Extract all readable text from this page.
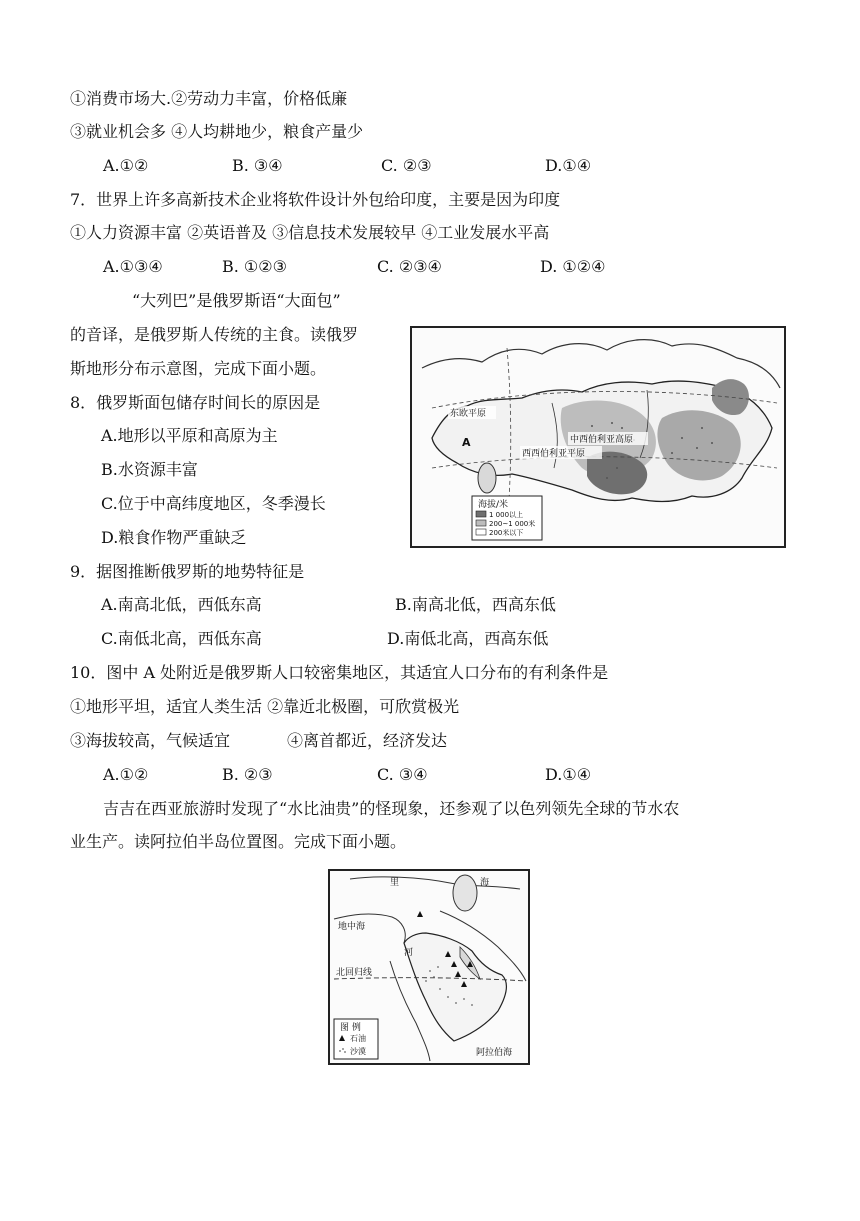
①消费市场大.②劳动力丰富，价格低廉
③就业机会多 ④人均耕地少，粮食产量少
A.①②	B. ③④	C. ②③	D.①④
7．世界上许多高新技术企业将软件设计外包给印度，主要是因为印度
①人力资源丰富 ②英语普及 ③信息技术发展较早 ④工业发展水平高
A.①③④	B. ①②③	C. ②③④	D. ①②④
“大列巴”是俄罗斯语“大面包”
的音译，是俄罗斯人传统的主食。读俄罗
斯地形分布示意图，完成下面小题。
东欧平原
A	中西伯利亚高原
西西伯利亚平原
海拔/米
1 000以上
200~1 000米
200米以下
8．俄罗斯面包储存时间长的原因是
A.地形以平原和高原为主
B.水资源丰富
C.位于中高纬度地区，冬季漫长
D.粮食作物严重缺乏
9．据图推断俄罗斯的地势特征是
A.南高北低，西低东高	B.南高北低，西高东低
C.南低北高，西低东高	D.南低北高，西高东低
10．图中 A 处附近是俄罗斯人口较密集地区，其适宜人口分布的有利条件是
①地形平坦，适宜人类生活 ②靠近北极圈，可欣赏极光
③海拔较高，气候适宜	④离首都近，经济发达
A.①②	B. ②③	C. ③④	D.①④
吉吉在西亚旅游时发现了“水比油贵”的怪现象，还参观了以色列领先全球的节水农
业生产。读阿拉伯半岛位置图。完成下面小题。
里	海
地中海
河
北回归线
阿拉伯海
图 例
石油
沙漠
